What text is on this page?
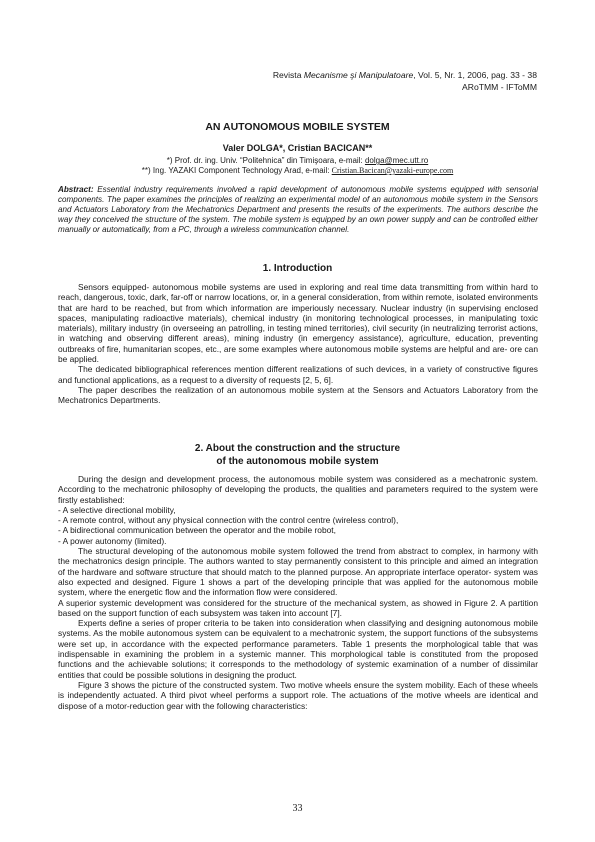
Revista Mecanisme şi Manipulatoare, Vol. 5, Nr. 1, 2006, pag. 33 - 38
ARoTMM - IFToMM
AN AUTONOMOUS MOBILE SYSTEM
Valer DOLGA*, Cristian BACICAN**
*) Prof. dr. ing. Univ. “Politehnica” din Timişoara, e-mail: dolga@mec.utt.ro
**) Ing. YAZAKI Component Technology Arad, e-mail: Cristian.Bacican@yazaki-europe.com
Abstract: Essential industry requirements involved a rapid development of autonomous mobile systems equipped with sensorial components. The paper examines the principles of realizing an experimental model of an autonomous mobile system in the Sensors and Actuators Laboratory from the Mechatronics Department and presents the results of the experiments. The authors describe the way they conceived the structure of the system. The mobile system is equipped by an own power supply and can be controlled either manually or automatically, from a PC, through a wireless communication channel.
1. Introduction

Sensors equipped- autonomous mobile systems are used in exploring and real time data transmitting from within hard to reach, dangerous, toxic, dark, far-off or narrow locations, or, in a general consideration, from within remote, isolated environments that are hard to be reached, but from which information are imperiously necessary. Nuclear industry (in supervising enclosed spaces, manipulating radioactive materials), chemical industry (in monitoring technological processes, in manipulating toxic materials), military industry (in overseeing an patrolling, in testing mined territories), civil security (in neutralizing terrorist actions, in watching and observing different areas), mining industry (in emergency assistance), agriculture, education, preventing outbreaks of fire, humanitarian scopes, etc., are some examples where autonomous mobile systems are helpful and are- ore can be applied.

The dedicated bibliographical references mention different realizations of such devices, in a variety of constructive figures and functional applications, as a request to a diversity of requests [2, 5, 6].

The paper describes the realization of an autonomous mobile system at the Sensors and Actuators Laboratory from the Mechatronics Departments.

2. About the construction and the structure
of the autonomous mobile system

During the design and development process, the autonomous mobile system was considered as a mechatronic system. According to the mechatronic philosophy of developing the products, the qualities and parameters required to the system were firstly established:

- A selective directional mobility,

- A remote control, without any physical connection with the control centre (wireless control),

- A bidirectional communication between the operator and the mobile robot,

- A power autonomy (limited).

The structural developing of the autonomous mobile system followed the trend from abstract to complex, in harmony with the mechatronics design principle. The authors wanted to stay permanently consistent to this principle and aimed an integration of the hardware and software structure that should match to the planned purpose. An appropriate interface operator- system was also expected and designed. Figure 1 shows a part of the developing principle that was applied for the autonomous mobile system, where the energetic flow and the information flow were considered.

A superior systemic development was considered for the structure of the mechanical system, as showed in Figure 2. A partition based on the support function of each subsystem was taken into account [7].

Experts define a series of proper criteria to be taken into consideration when classifying and designing autonomous mobile systems. As the mobile autonomous system can be equivalent to a mechatronic system, the support functions of the subsystems were set up, in accordance with the expected performance parameters. Table 1 presents the morphological table that was indispensable in examining the problem in a systemic manner. This morphological table is constituted from the proposed functions and the achievable solutions; it corresponds to the methodology of systemic examination of a number of dissimilar entities that could be possible solutions in designing the product.

Figure 3 shows the picture of the constructed system. Two motive wheels ensure the system mobility. Each of these wheels is independently actuated. A third pivot wheel performs a support role. The actuations of the motive wheels are identical and dispose of a motor-reduction gear with the following characteristics:

33
